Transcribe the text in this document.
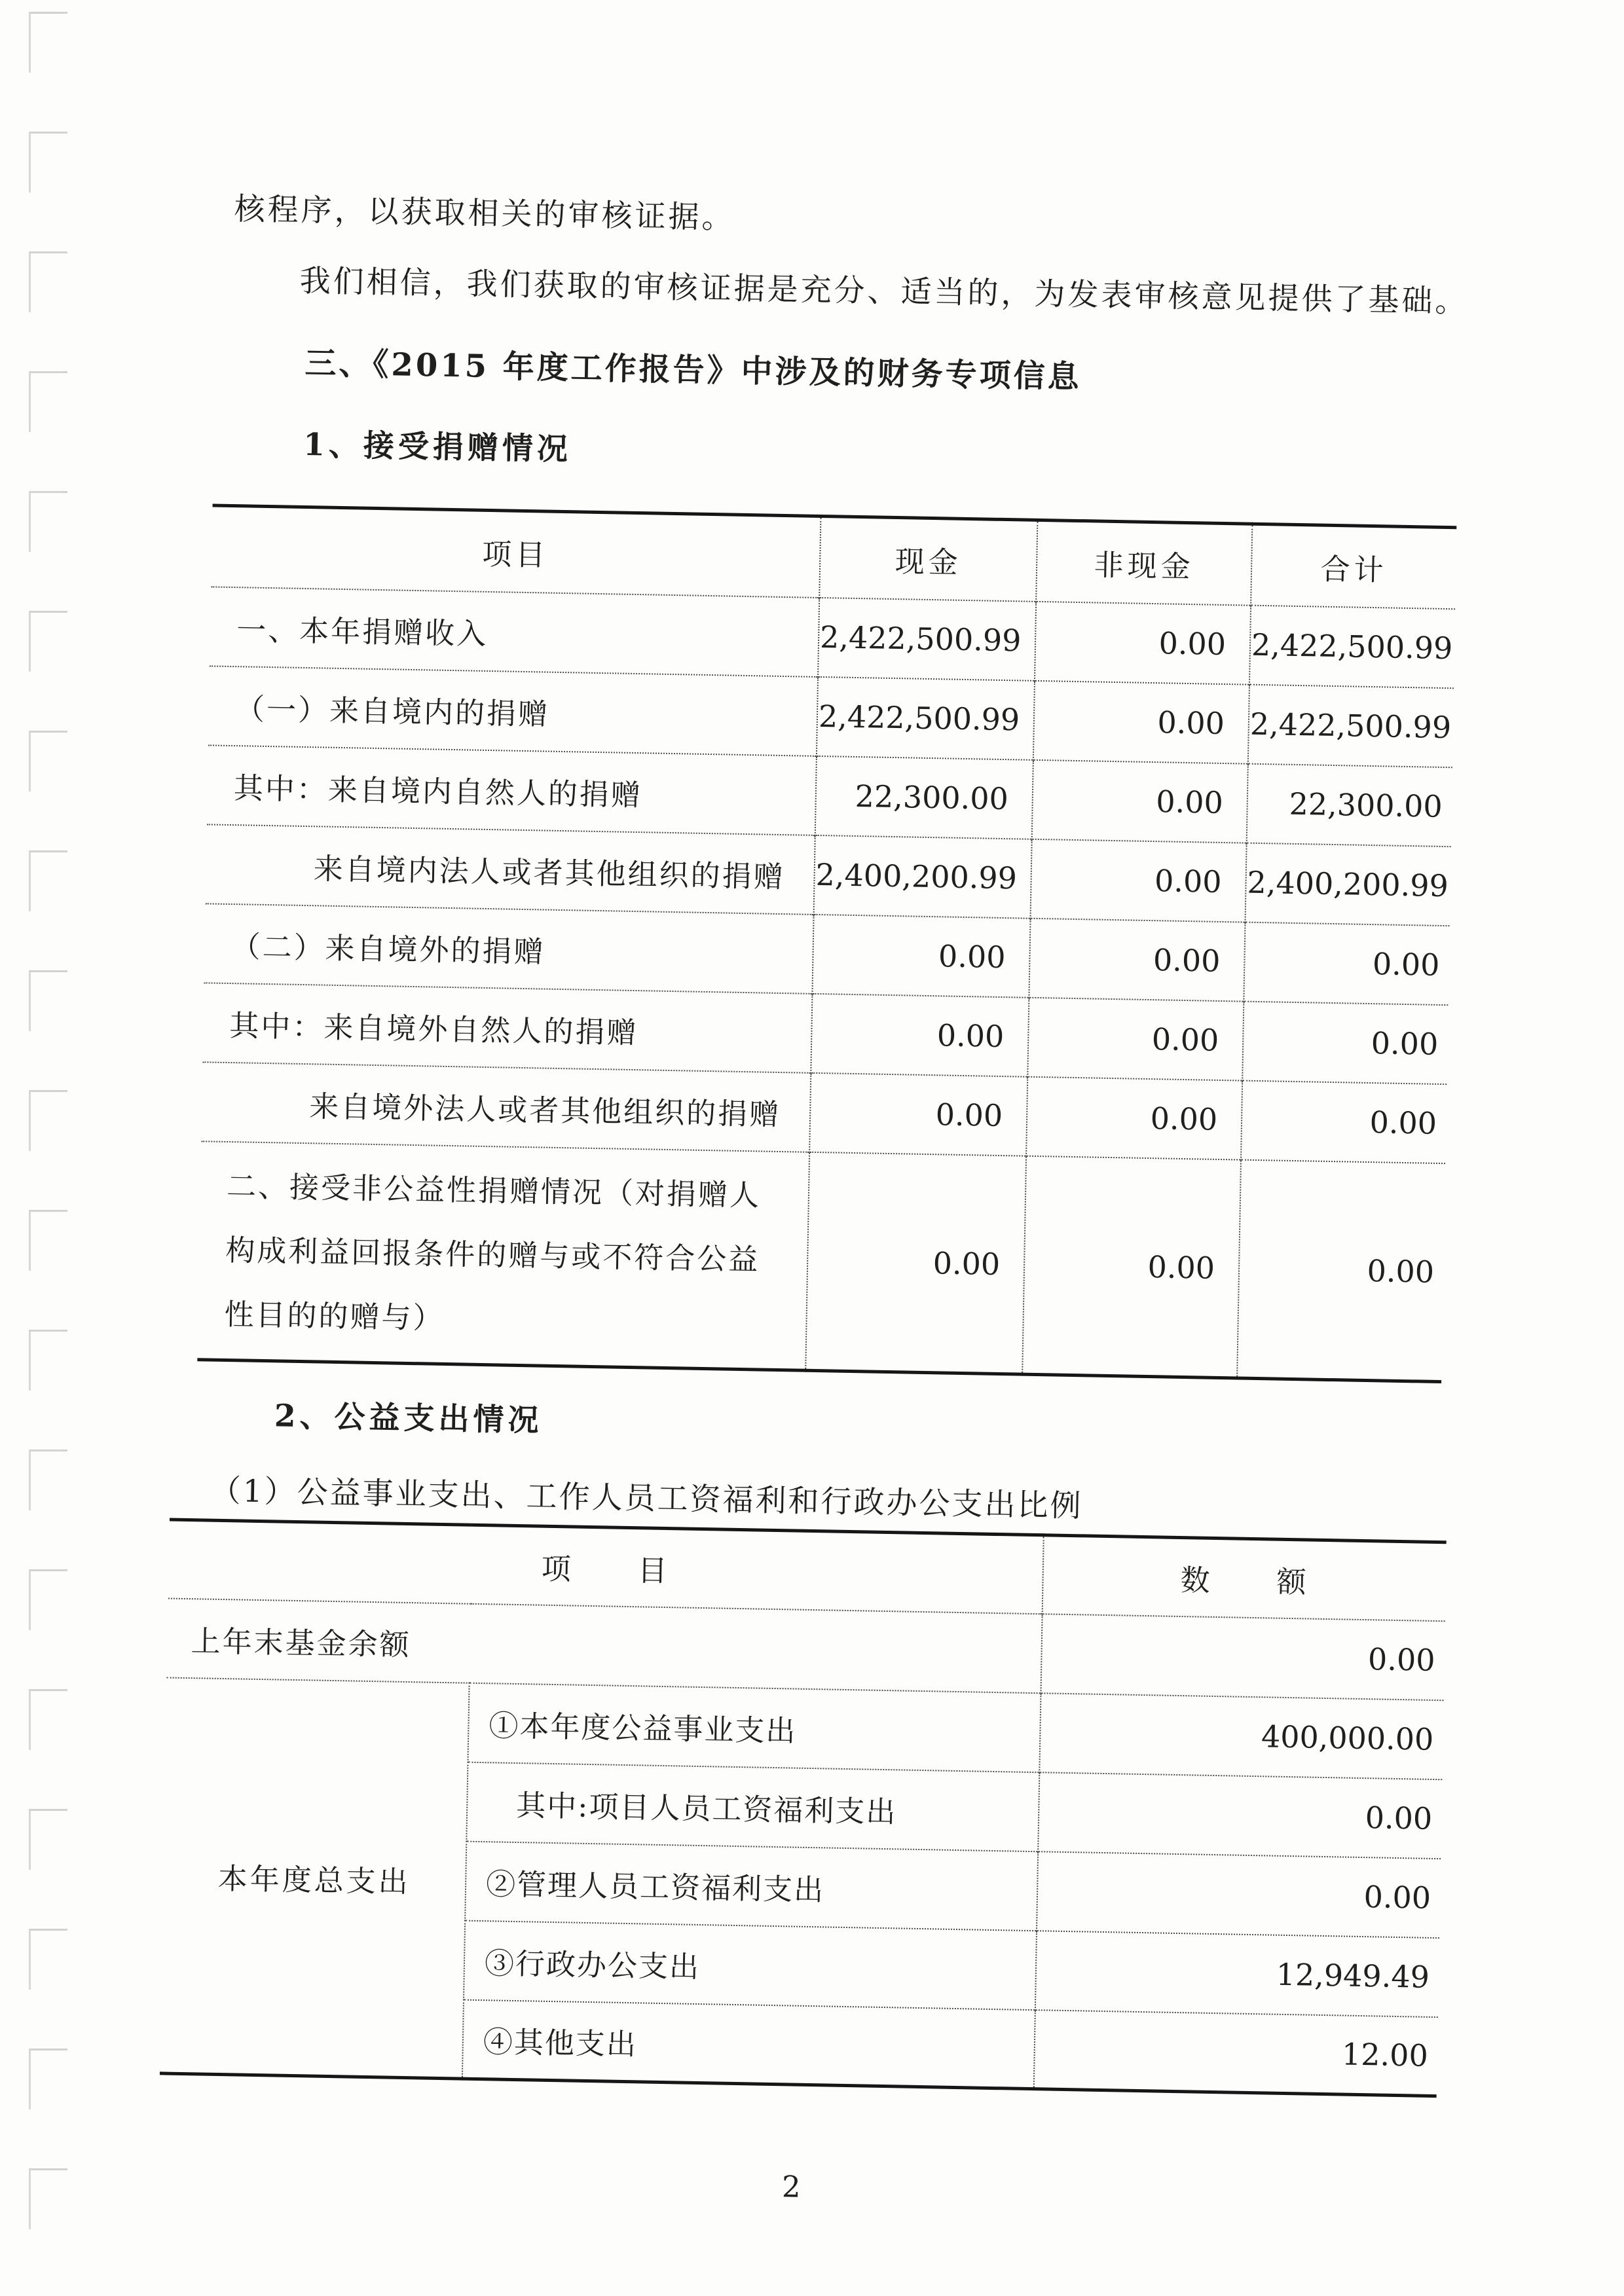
核程序，以获取相关的审核证据。
我们相信，我们获取的审核证据是充分、适当的，为发表审核意见提供了基础。
三、《2015 年度工作报告》中涉及的财务专项信息
1、接受捐赠情况
项目	现金	非现金	合计
一、本年捐赠收入	2,422,500.99	0.00	2,422,500.99
（一）来自境内的捐赠	2,422,500.99	0.00	2,422,500.99
其中：来自境内自然人的捐赠	22,300.00	0.00	22,300.00
来自境内法人或者其他组织的捐赠	2,400,200.99	0.00	2,400,200.99
（二）来自境外的捐赠	0.00	0.00	0.00
其中：来自境外自然人的捐赠	0.00	0.00	0.00
来自境外法人或者其他组织的捐赠	0.00	0.00	0.00
二、接受非公益性捐赠情况（对捐赠人构成利益回报条件的赠与或不符合公益性目的的赠与）	0.00	0.00	0.00
2、公益支出情况
（1）公益事业支出、工作人员工资福利和行政办公支出比例
项　　目		数　　额
上年末基金余额		0.00
本年度总支出	①本年度公益事业支出	400,000.00
	其中:项目人员工资福利支出	0.00
	②管理人员工资福利支出	0.00
	③行政办公支出	12,949.49
	④其他支出	12.00
2
